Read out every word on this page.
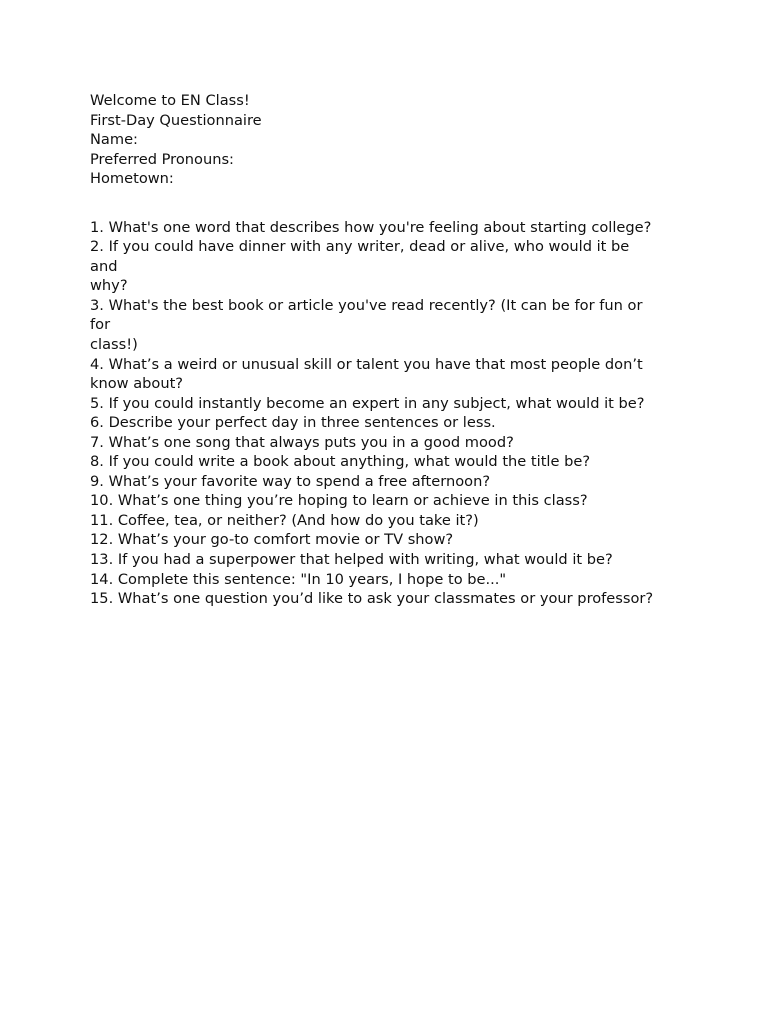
Welcome to EN Class!
First-Day Questionnaire
Name:
Preferred Pronouns:
Hometown:
1. What's one word that describes how you're feeling about starting college?
2. If you could have dinner with any writer, dead or alive, who would it be
and
why?
3. What's the best book or article you've read recently? (It can be for fun or
for
class!)
4. What’s a weird or unusual skill or talent you have that most people don’t
know about?
5. If you could instantly become an expert in any subject, what would it be?
6. Describe your perfect day in three sentences or less.
7. What’s one song that always puts you in a good mood?
8. If you could write a book about anything, what would the title be?
9. What’s your favorite way to spend a free afternoon?
10. What’s one thing you’re hoping to learn or achieve in this class?
11. Coffee, tea, or neither? (And how do you take it?)
12. What’s your go-to comfort movie or TV show?
13. If you had a superpower that helped with writing, what would it be?
14. Complete this sentence: "In 10 years, I hope to be..."
15. What’s one question you’d like to ask your classmates or your professor?
